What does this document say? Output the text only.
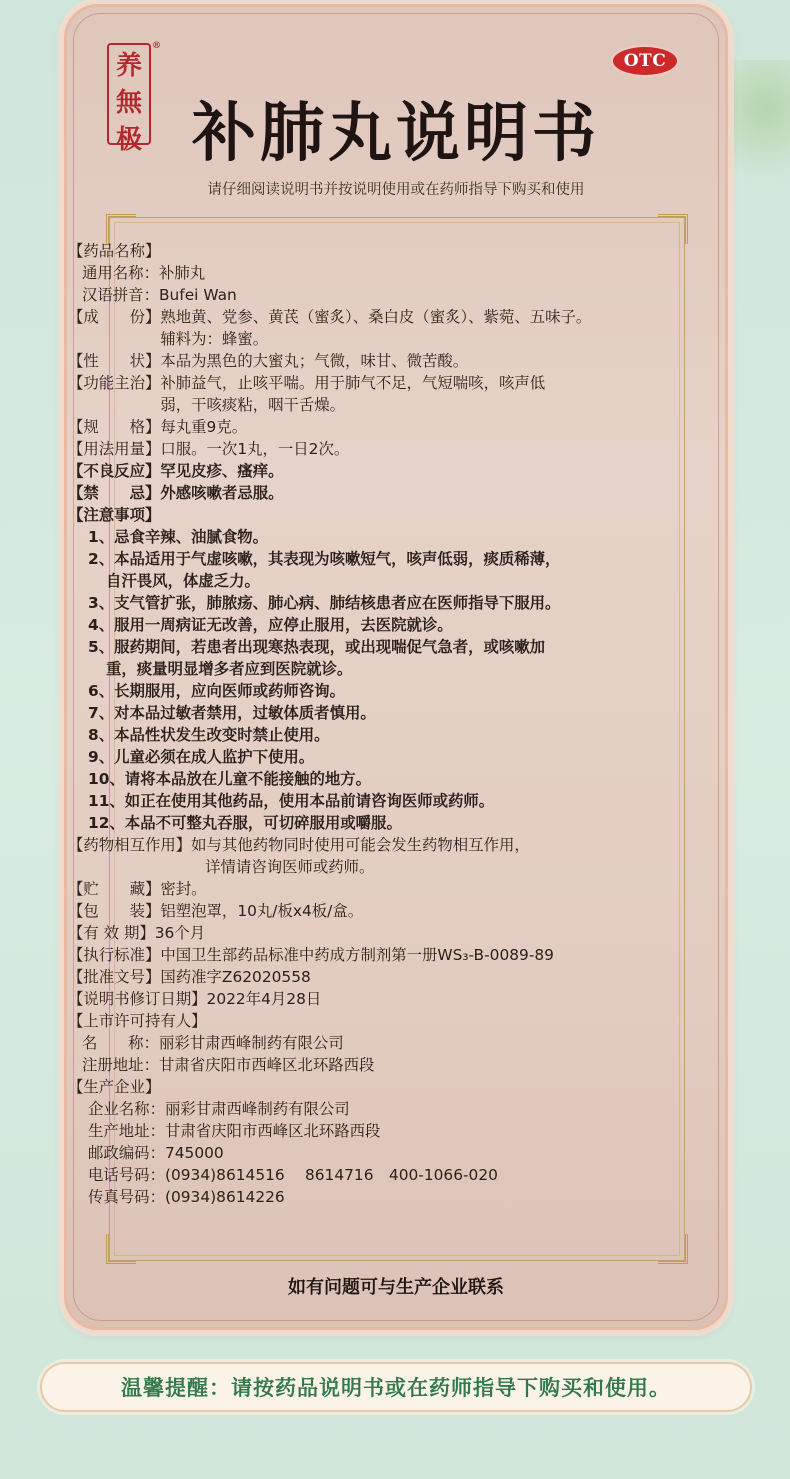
养
無
极
®
OTC
补肺丸说明书
请仔细阅读说明书并按说明使用或在药师指导下购买和使用
如有问题可与生产企业联系
【药品名称】
通用名称： 补肺丸
汉语拼音： Bufei Wan
【成　　份】 熟地黄、党参、黄芪（蜜炙）、桑白皮（蜜炙）、紫菀、五味子。
辅料为：蜂蜜。
【性　　状】 本品为黑色的大蜜丸；气微，味甘、微苦酸。
【功能主治】 补肺益气，止咳平喘。用于肺气不足，气短喘咳，咳声低
弱，干咳痰粘，咽干舌燥。
【规　　格】 每丸重9克。
【用法用量】 口服。一次1丸，一日2次。
【不良反应】 罕见皮疹、瘙痒。
【禁　　忌】 外感咳嗽者忌服。
【注意事项】
1、忌食辛辣、油腻食物。
2、本品适用于气虚咳嗽，其表现为咳嗽短气，咳声低弱，痰质稀薄，
自汗畏风，体虚乏力。
3、支气管扩张，肺脓疡、肺心病、肺结核患者应在医师指导下服用。
4、服用一周病证无改善，应停止服用，去医院就诊。
5、服药期间，若患者出现寒热表现，或出现喘促气急者，或咳嗽加
重，痰量明显增多者应到医院就诊。
6、长期服用，应向医师或药师咨询。
7、对本品过敏者禁用，过敏体质者慎用。
8、本品性状发生改变时禁止使用。
9、儿童必须在成人监护下使用。
10、请将本品放在儿童不能接触的地方。
11、如正在使用其他药品，使用本品前请咨询医师或药师。
12、本品不可整丸吞服，可切碎服用或嚼服。
【药物相互作用】 如与其他药物同时使用可能会发生药物相互作用，
详情请咨询医师或药师。
【贮　　藏】 密封。
【包　　装】 铝塑泡罩，10丸/板x4板/盒。
【有 效 期】 36个月
【执行标准】 中国卫生部药品标准中药成方制剂第一册WS₃-B-0089-89
【批准文号】 国药准字Z62020558
【说明书修订日期】 2022年4月28日
【上市许可持有人】
名　　称： 丽彩甘肃西峰制药有限公司
注册地址： 甘肃省庆阳市西峰区北环路西段
【生产企业】
企业名称： 丽彩甘肃西峰制药有限公司
生产地址： 甘肃省庆阳市西峰区北环路西段
邮政编码： 745000
电话号码： (0934)8614516　 8614716　400-1066-020
传真号码： (0934)8614226
温馨提醒：请按药品说明书或在药师指导下购买和使用。
